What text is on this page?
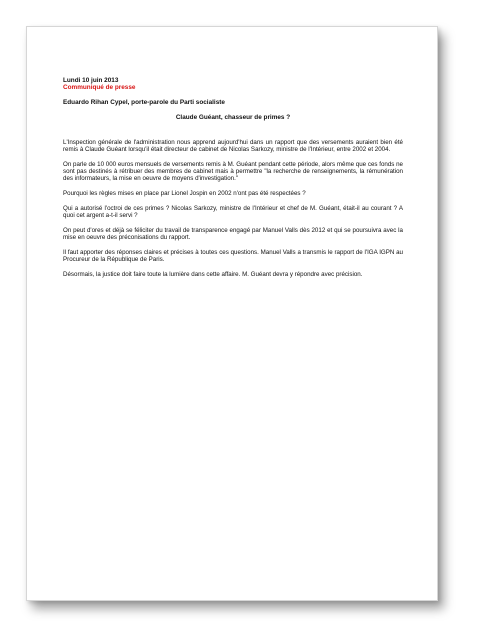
Lundi 10 juin 2013
Communiqué de presse
Eduardo Rihan Cypel, porte-parole du Parti socialiste
Claude Guéant, chasseur de primes ?

L'Inspection générale de l'administration nous apprend aujourd'hui dans un rapport que des versements auraient bien été remis à Claude Guéant lorsqu'il était directeur de cabinet de Nicolas Sarkozy, ministre de l'Intérieur, entre 2002 et 2004.

On parle de 10 000 euros mensuels de versements remis à M. Guéant pendant cette période, alors même que ces fonds ne sont pas destinés à rétribuer des membres de cabinet mais à permettre "la recherche de renseignements, la rémunération des informateurs, la mise en oeuvre de moyens d'investigation."

Pourquoi les règles mises en place par Lionel Jospin en 2002 n'ont pas été respectées ?

Qui a autorisé l'octroi de ces primes ? Nicolas Sarkozy, ministre de l'Intérieur et chef de M. Guéant, était-il au courant ? A quoi cet argent a-t-il servi ?

On peut d'ores et déjà se féliciter du travail de transparence engagé par Manuel Valls dès 2012 et qui se poursuivra avec la mise en oeuvre des préconisations du rapport.

Il faut apporter des réponses claires et précises à toutes ces questions. Manuel Valls a transmis le rapport de l'IGA IGPN au Procureur de la République de Paris.

Désormais, la justice doit faire toute la lumière dans cette affaire. M. Guéant devra y répondre avec précision.
